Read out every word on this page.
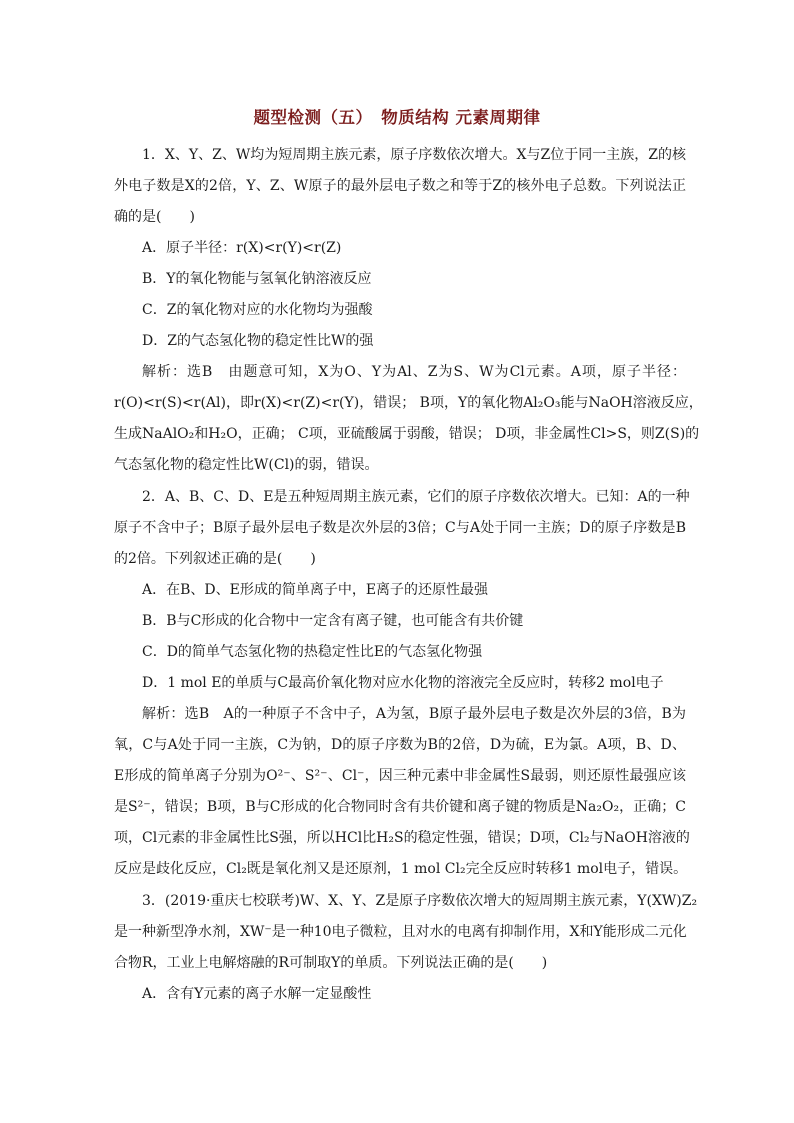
题型检测（五）　物质结构 元素周期律
1．X、Y、Z、W均为短周期主族元素，原子序数依次增大。X与Z位于同一主族，Z的核
外电子数是X的2倍，Y、Z、W原子的最外层电子数之和等于Z的核外电子总数。下列说法正
确的是(　　)
A．原子半径：r(X)<r(Y)<r(Z)
B．Y的氧化物能与氢氧化钠溶液反应
C．Z的氧化物对应的水化物均为强酸
D．Z的气态氢化物的稳定性比W的强
解析：选B　由题意可知，X为O、Y为Al、Z为S、W为Cl元素。A项，原子半径：
r(O)<r(S)<r(Al)，即r(X)<r(Z)<r(Y)，错误； B项，Y的氧化物Al₂O₃能与NaOH溶液反应，
生成NaAlO₂和H₂O，正确； C项，亚硫酸属于弱酸，错误； D项，非金属性Cl>S，则Z(S)的
气态氢化物的稳定性比W(Cl)的弱，错误。
2．A、B、C、D、E是五种短周期主族元素，它们的原子序数依次增大。已知：A的一种
原子不含中子；B原子最外层电子数是次外层的3倍；C与A处于同一主族；D的原子序数是B
的2倍。下列叙述正确的是(　　)
A．在B、D、E形成的简单离子中，E离子的还原性最强
B．B与C形成的化合物中一定含有离子键，也可能含有共价键
C．D的简单气态氢化物的热稳定性比E的气态氢化物强
D．1 mol E的单质与C最高价氧化物对应水化物的溶液完全反应时，转移2 mol电子
解析：选B　A的一种原子不含中子，A为氢，B原子最外层电子数是次外层的3倍，B为
氧，C与A处于同一主族，C为钠，D的原子序数为B的2倍，D为硫，E为氯。A项，B、D、
E形成的简单离子分别为O²⁻、S²⁻、Cl⁻，因三种元素中非金属性S最弱，则还原性最强应该
是S²⁻，错误；B项，B与C形成的化合物同时含有共价键和离子键的物质是Na₂O₂，正确；C
项，Cl元素的非金属性比S强，所以HCl比H₂S的稳定性强，错误；D项，Cl₂与NaOH溶液的
反应是歧化反应，Cl₂既是氧化剂又是还原剂，1 mol Cl₂完全反应时转移1 mol电子，错误。
3．(2019·重庆七校联考)W、X、Y、Z是原子序数依次增大的短周期主族元素，Y(XW)Z₂
是一种新型净水剂，XW⁻是一种10电子微粒，且对水的电离有抑制作用，X和Y能形成二元化
合物R，工业上电解熔融的R可制取Y的单质。下列说法正确的是(　　)
A．含有Y元素的离子水解一定显酸性
